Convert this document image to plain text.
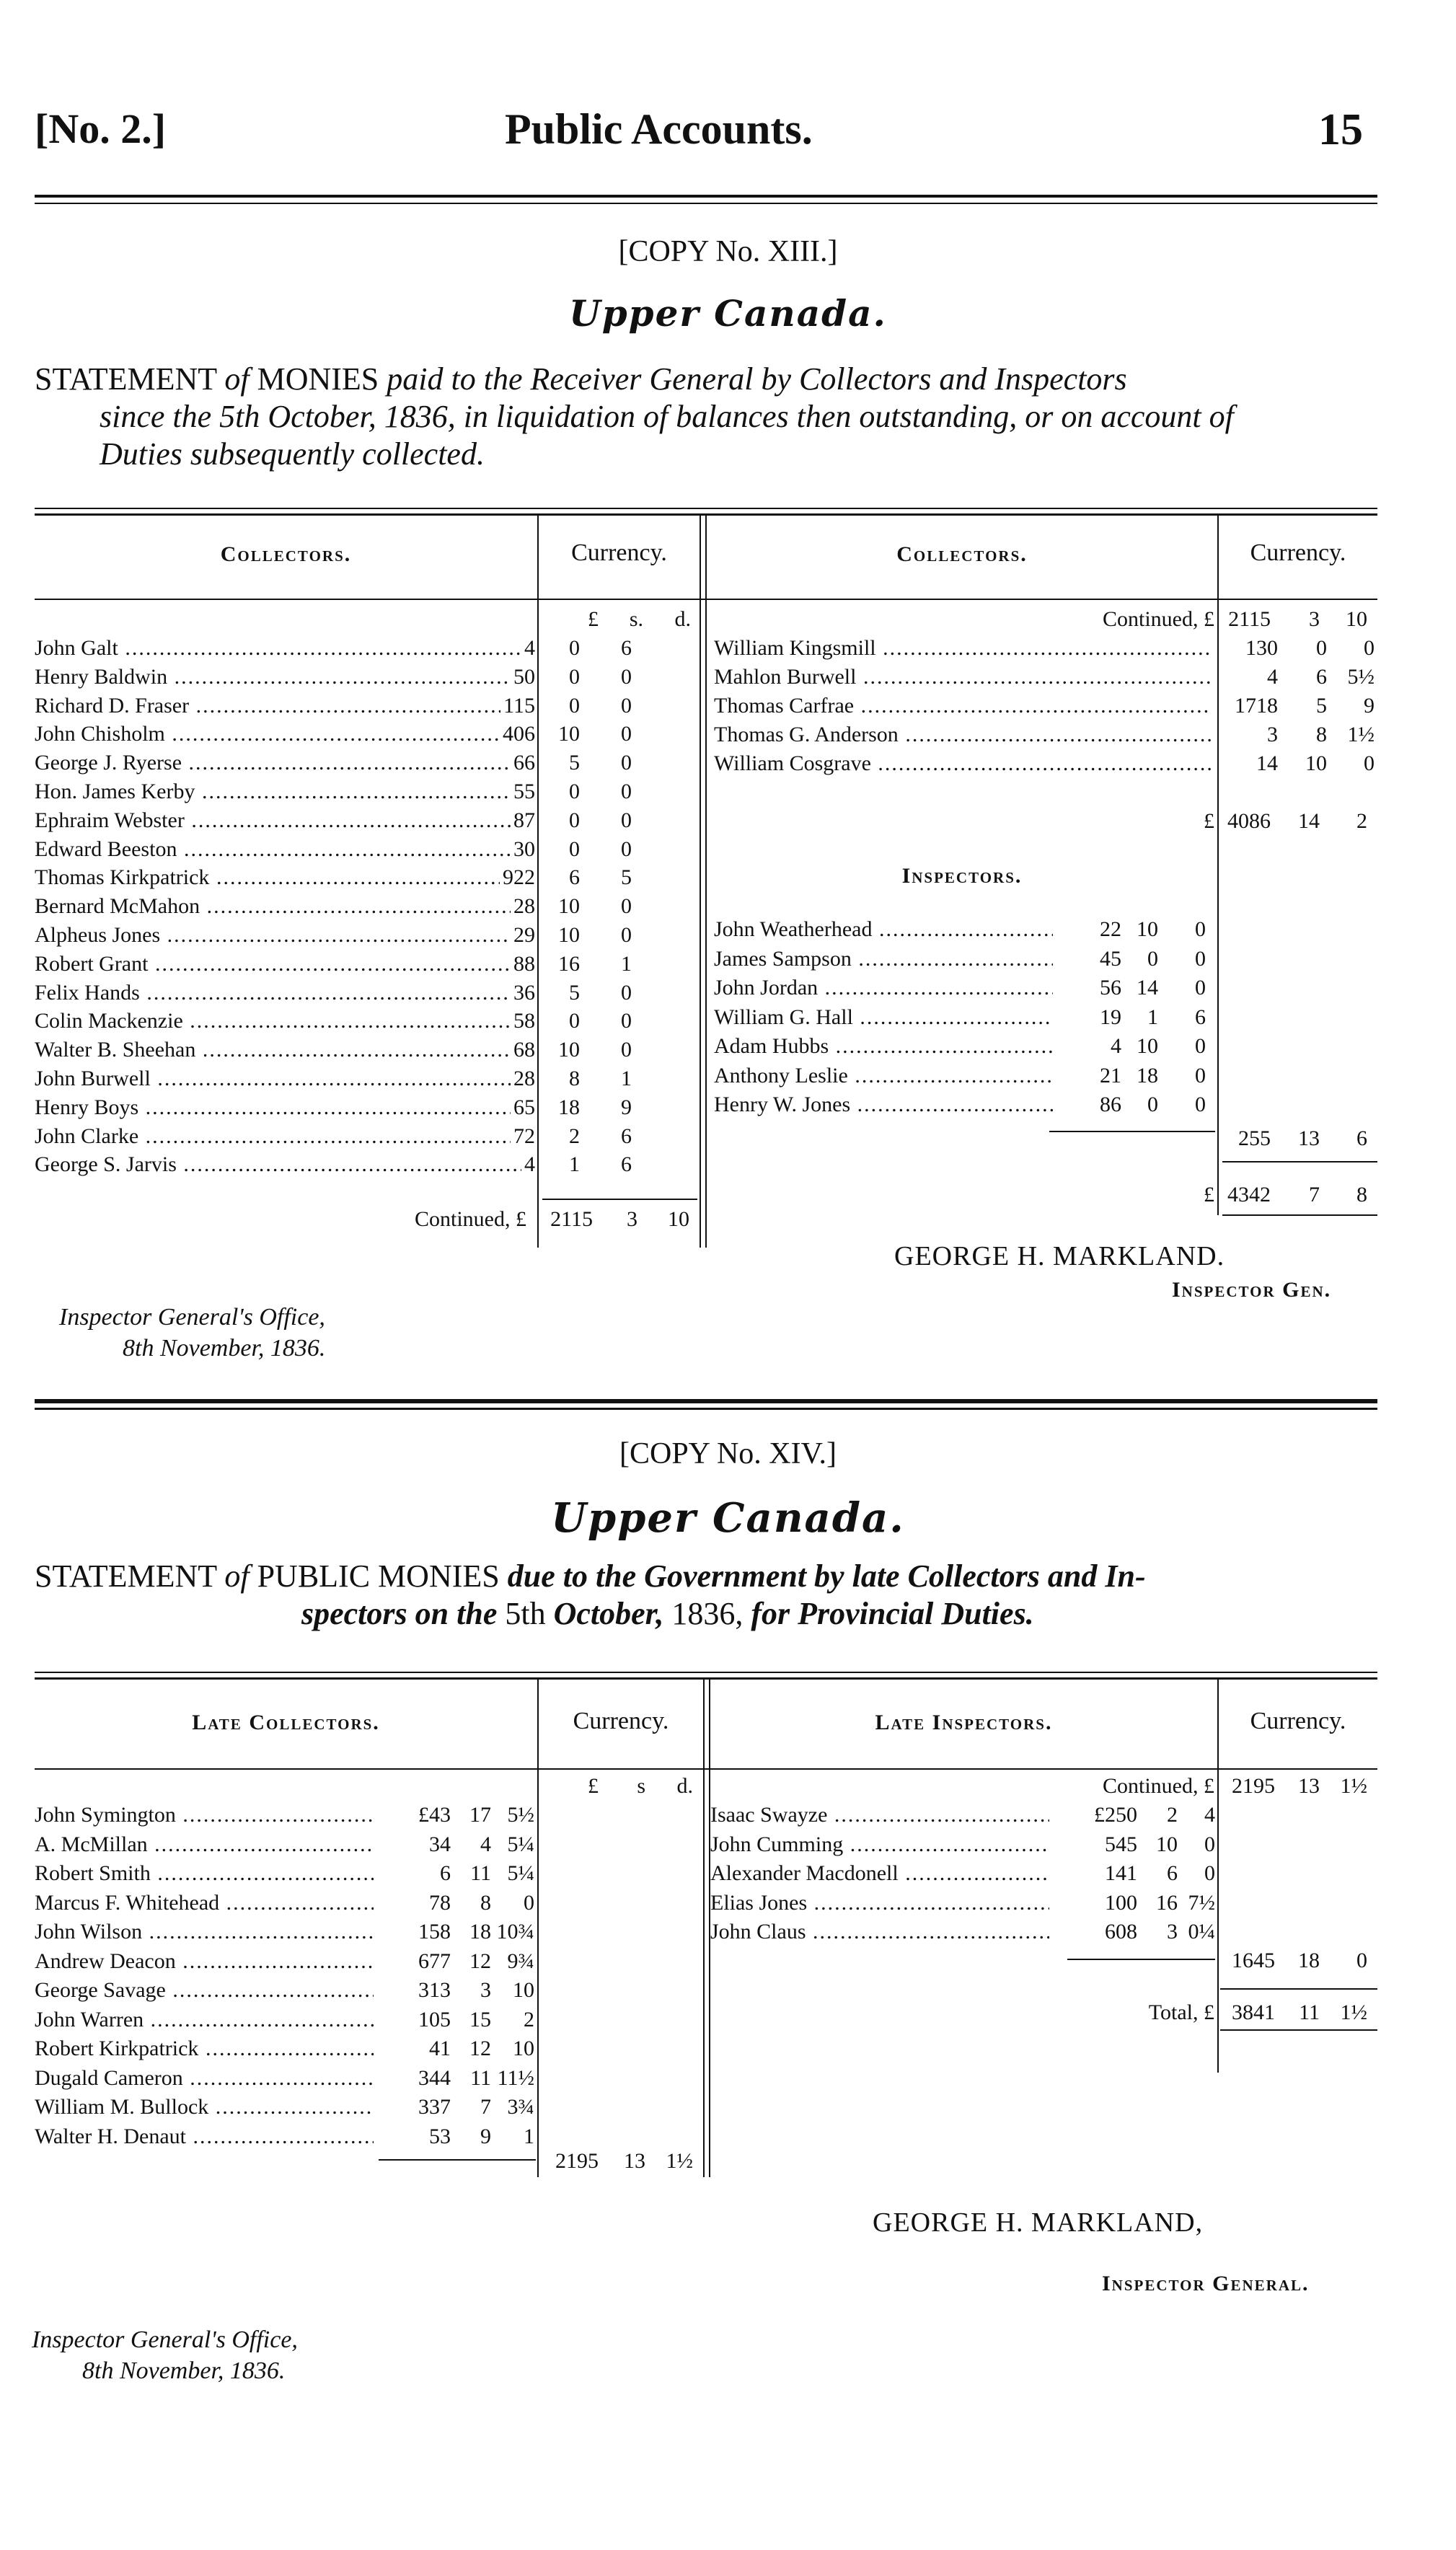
[No. 2.]	Public Accounts.	15
[COPY No. XIII.]
Upper Canada.
STATEMENT of MONIES paid to the Receiver General by Collectors and Inspectors
since the 5th October, 1836, in liquidation of balances then outstanding, or on account of
Duties subsequently collected.
Collectors.	Currency.	Collectors.	Currency.
£ s. d.
John Galt .....	4 0 6
Henry Baldwin .....	50 0 0
Richard D. Fraser .....	115 0 0
John Chisholm .....	406 10 0
George J. Ryerse .....	66 5 0
Hon. James Kerby .....	55 0 0
Ephraim Webster .....	87 0 0
Edward Beeston .....	30 0 0
Thomas Kirkpatrick .....	922 6 5
Bernard McMahon .....	28 10 0
Alpheus Jones .....	29 10 0
Robert Grant .....	88 16 1
Felix Hands .....	36 5 0
Colin Mackenzie .....	58 0 0
Walter B. Sheehan .....	68 10 0
John Burwell .....	28 8 1
Henry Boys .....	65 18 9
John Clarke .....	72 2 6
George S. Jarvis .....	4 1 6
Continued, £ 2115 3 10
Continued, £ 2115 3 10
William Kingsmill .....	130 0 0
Mahlon Burwell .....	4 6 5½
Thomas Carfrae .....	1718 5 9
Thomas G. Anderson .....	3 8 1½
William Cosgrave .....	14 10 0
£ 4086 14 2
Inspectors.
John Weatherhead .....	22 10 0
James Sampson .....	45 0 0
John Jordan .....	56 14 0
William G. Hall .....	19 1 6
Adam Hubbs .....	4 10 0
Anthony Leslie .....	21 18 0
Henry W. Jones .....	86 0 0
255 13 6
£ 4342 7 8
GEORGE H. MARKLAND.
Inspector Gen.
Inspector General's Office,
8th November, 1836.
[COPY No. XIV.]
Upper Canada.
STATEMENT of PUBLIC MONIES due to the Government by late Collectors and In-
spectors on the 5th October, 1836, for Provincial Duties.
Late Collectors.	Currency.	Late Inspectors.	Currency.
£ s d.
John Symington .....	£43 17 5½
A. McMillan .....	34 4 5¼
Robert Smith .....	6 11 5¼
Marcus F. Whitehead .....	78 8 0
John Wilson .....	158 18 10¾
Andrew Deacon .....	677 12 9¾
George Savage .....	313 3 10
John Warren .....	105 15 2
Robert Kirkpatrick .....	41 12 10
Dugald Cameron .....	344 11 11½
William M. Bullock .....	337 7 3¾
Walter H. Denaut .....	53 9 1
2195 13 1½
Continued, £ 2195 13 1½
Isaac Swayze .....	£250 2 4
John Cumming .....	545 10 0
Alexander Macdonell .....	141 6 0
Elias Jones .....	100 16 7½
John Claus .....	608 3 0¼
1645 18 0
Total, £ 3841 11 1½
GEORGE H. MARKLAND,
Inspector General.
Inspector General's Office,
8th November, 1836.
